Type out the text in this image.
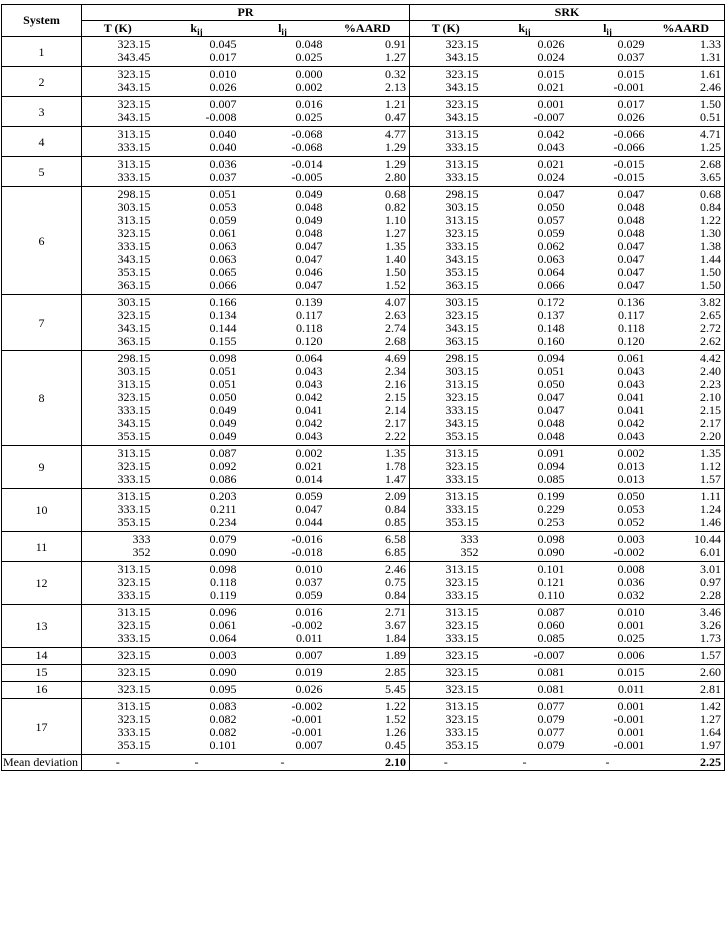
System	PR				SRK			
	T (K)	$k_{ij}$	$l_{ij}$	%AARD	T (K)	$k_{ij}$	$l_{ij}$	%AARD
1	323.15	0.045	0.048	0.91	323.15	0.026	0.029	1.33
	343.45	0.017	0.025	1.27	343.15	0.024	0.037	1.31
2	323.15	0.010	0.000	0.32	323.15	0.015	0.015	1.61
	343.15	0.026	0.002	2.13	343.15	0.021	-0.001	2.46
3	323.15	0.007	0.016	1.21	323.15	0.001	0.017	1.50
	343.15	-0.008	0.025	0.47	343.15	-0.007	0.026	0.51
4	313.15	0.040	-0.068	4.77	313.15	0.042	-0.066	4.71
	333.15	0.040	-0.068	1.29	333.15	0.043	-0.066	1.25
5	313.15	0.036	-0.014	1.29	313.15	0.021	-0.015	2.68
	333.15	0.037	-0.005	2.80	333.15	0.024	-0.015	3.65
6	298.15	0.051	0.049	0.68	298.15	0.047	0.047	0.68
	303.15	0.053	0.048	0.82	303.15	0.050	0.048	0.84
	313.15	0.059	0.049	1.10	313.15	0.057	0.048	1.22
	323.15	0.061	0.048	1.27	323.15	0.059	0.048	1.30
	333.15	0.063	0.047	1.35	333.15	0.062	0.047	1.38
	343.15	0.063	0.047	1.40	343.15	0.063	0.047	1.44
	353.15	0.065	0.046	1.50	353.15	0.064	0.047	1.50
	363.15	0.066	0.047	1.52	363.15	0.066	0.047	1.50
7	303.15	0.166	0.139	4.07	303.15	0.172	0.136	3.82
	323.15	0.134	0.117	2.63	323.15	0.137	0.117	2.65
	343.15	0.144	0.118	2.74	343.15	0.148	0.118	2.72
	363.15	0.155	0.120	2.68	363.15	0.160	0.120	2.62
8	298.15	0.098	0.064	4.69	298.15	0.094	0.061	4.42
	303.15	0.051	0.043	2.34	303.15	0.051	0.043	2.40
	313.15	0.051	0.043	2.16	313.15	0.050	0.043	2.23
	323.15	0.050	0.042	2.15	323.15	0.047	0.041	2.10
	333.15	0.049	0.041	2.14	333.15	0.047	0.041	2.15
	343.15	0.049	0.042	2.17	343.15	0.048	0.042	2.17
	353.15	0.049	0.043	2.22	353.15	0.048	0.043	2.20
9	313.15	0.087	0.002	1.35	313.15	0.091	0.002	1.35
	323.15	0.092	0.021	1.78	323.15	0.094	0.013	1.12
	333.15	0.086	0.014	1.47	333.15	0.085	0.013	1.57
10	313.15	0.203	0.059	2.09	313.15	0.199	0.050	1.11
	333.15	0.211	0.047	0.84	333.15	0.229	0.053	1.24
	353.15	0.234	0.044	0.85	353.15	0.253	0.052	1.46
11	333	0.079	-0.016	6.58	333	0.098	0.003	10.44
	352	0.090	-0.018	6.85	352	0.090	-0.002	6.01
12	313.15	0.098	0.010	2.46	313.15	0.101	0.008	3.01
	323.15	0.118	0.037	0.75	323.15	0.121	0.036	0.97
	333.15	0.119	0.059	0.84	333.15	0.110	0.032	2.28
13	313.15	0.096	0.016	2.71	313.15	0.087	0.010	3.46
	323.15	0.061	-0.002	3.67	323.15	0.060	0.001	3.26
	333.15	0.064	0.011	1.84	333.15	0.085	0.025	1.73
14	323.15	0.003	0.007	1.89	323.15	-0.007	0.006	1.57
15	323.15	0.090	0.019	2.85	323.15	0.081	0.015	2.60
16	323.15	0.095	0.026	5.45	323.15	0.081	0.011	2.81
17	313.15	0.083	-0.002	1.22	313.15	0.077	0.001	1.42
	323.15	0.082	-0.001	1.52	323.15	0.079	-0.001	1.27
	333.15	0.082	-0.001	1.26	333.15	0.077	0.001	1.64
	353.15	0.101	0.007	0.45	353.15	0.079	-0.001	1.97
Mean deviation	-	-	-	2.10	-	-	-	2.25
